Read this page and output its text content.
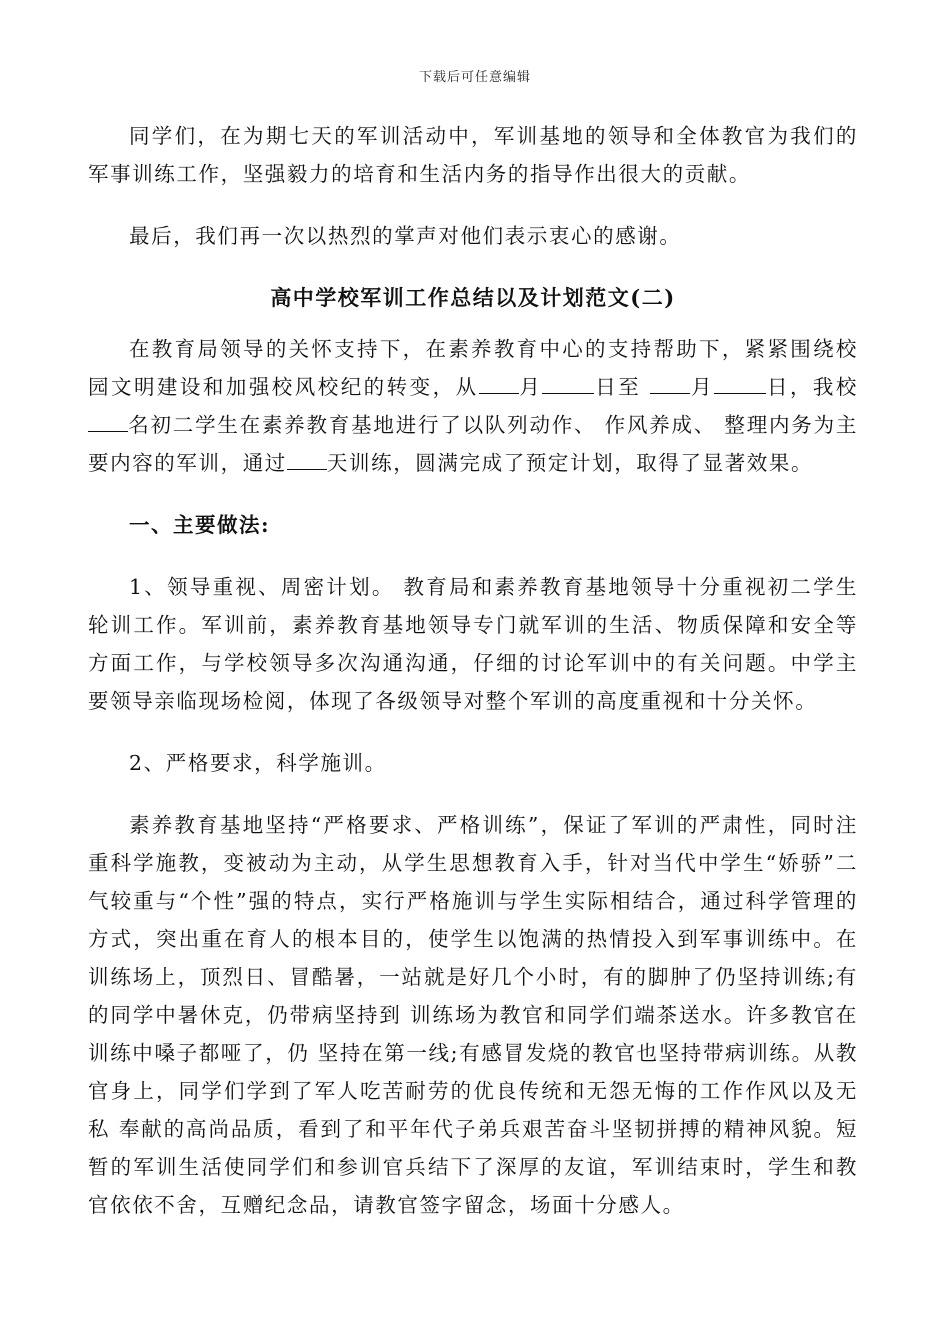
下载后可任意编辑

同学们，在为期七天的军训活动中，军训基地的领导和全体教官为我们的军事训练工作，坚强毅力的培育和生活内务的指导作出很大的贡献。

最后，我们再一次以热烈的掌声对他们表示衷心的感谢。

高中学校军训工作总结以及计划范文(二)

在教育局领导的关怀支持下，在素养教育中心的支持帮助下，紧紧围绕校园文明建设和加强校风校纪的转变，从 月	日至 月	日，我校名初二学生在素养教育基地进行了以队列动作、 作风养成、 整理内务为主要内容的军训，通过 天训练，圆满完成了预定计划，取得了显著效果。

一、主要做法:

1、领导重视、周密计划。 教育局和素养教育基地领导十分重视初二学生轮训工作。军训前，素养教育基地领导专门就军训的生活、物质保障和安全等方面工作，与学校领导多次沟通沟通，仔细的讨论军训中的有关问题。中学主要领导亲临现场检阅，体现了各级领导对整个军训的高度重视和十分关怀。

2、严格要求，科学施训。

素养教育基地坚持“严格要求、严格训练”，保证了军训的严肃性，同时注重科学施教，变被动为主动，从学生思想教育入手，针对当代中学生“娇骄”二气较重与“个性”强的特点，实行严格施训与学生实际相结合，通过科学管理的方式，突出重在育人的根本目的，使学生以饱满的热情投入到军事训练中。在训练场上，顶烈日、冒酷暑，一站就是好几个小时，有的脚肿了仍坚持训练;有的同学中暑休克，仍带病坚持到 训练场为教官和同学们端茶送水。许多教官在训练中嗓子都哑了，仍 坚持在第一线;有感冒发烧的教官也坚持带病训练。从教官身上，同学们学到了军人吃苦耐劳的优良传统和无怨无悔的工作作风以及无私 奉献的高尚品质，看到了和平年代子弟兵艰苦奋斗坚韧拼搏的精神风貌。短暂的军训生活使同学们和参训官兵结下了深厚的友谊，军训结束时，学生和教官依依不舍，互赠纪念品，请教官签字留念，场面十分感人。
